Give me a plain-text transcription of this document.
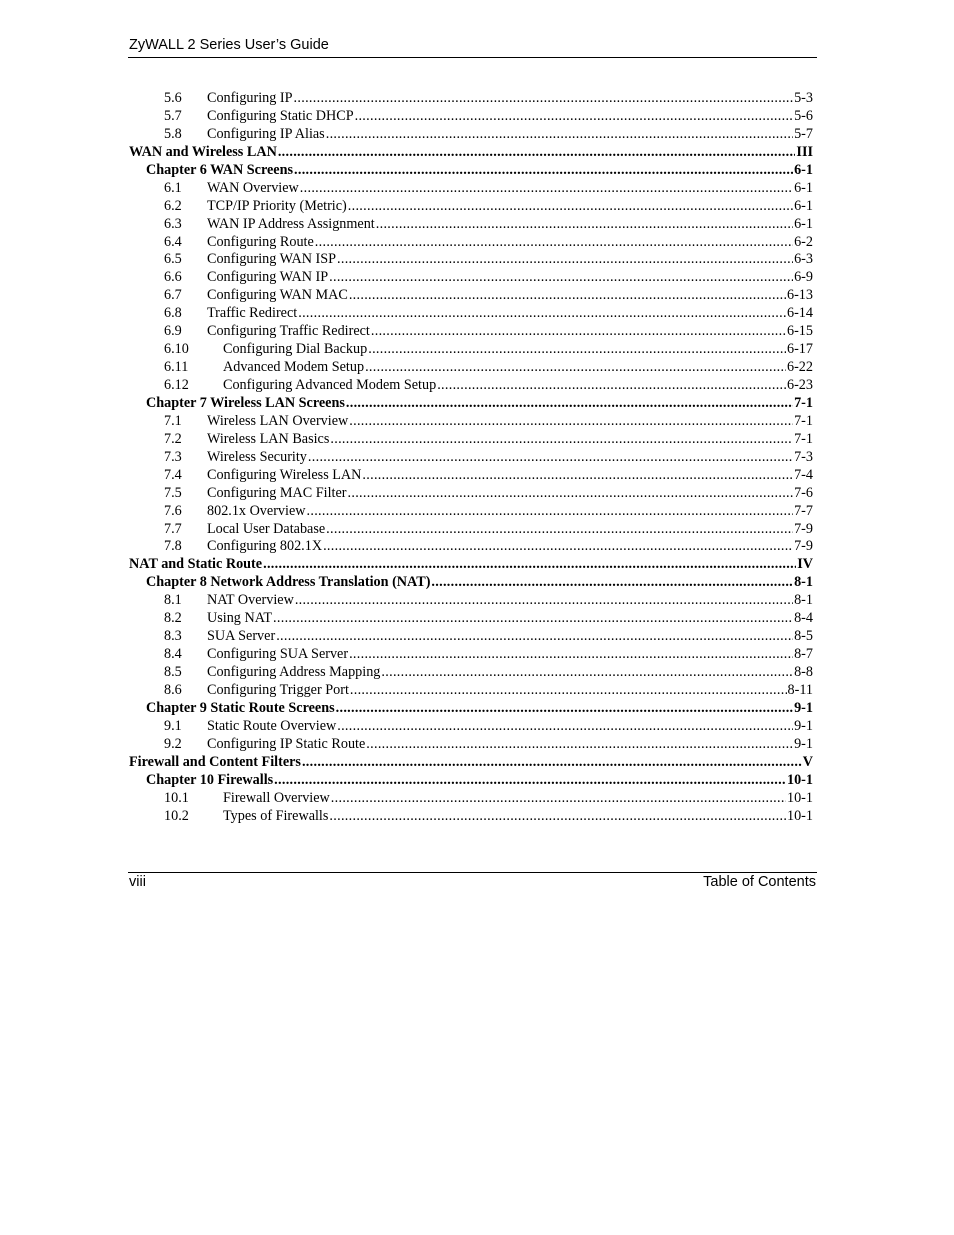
ZyWALL 2 Series User’s Guide
5.6	Configuring IP .....	5-3
5.7	Configuring Static DHCP .....	5-6
5.8	Configuring IP Alias .....	5-7
WAN and Wireless LAN .....	III
Chapter 6 WAN Screens .....	6-1
6.1	WAN Overview .....	6-1
6.2	TCP/IP Priority (Metric) .....	6-1
6.3	WAN IP Address Assignment .....	6-1
6.4	Configuring Route .....	6-2
6.5	Configuring WAN ISP .....	6-3
6.6	Configuring WAN IP .....	6-9
6.7	Configuring WAN MAC .....	6-13
6.8	Traffic Redirect .....	6-14
6.9	Configuring Traffic Redirect .....	6-15
6.10	Configuring Dial Backup .....	6-17
6.11	Advanced Modem Setup .....	6-22
6.12	Configuring Advanced Modem Setup .....	6-23
Chapter 7 Wireless LAN Screens .....	7-1
7.1	Wireless LAN Overview .....	7-1
7.2	Wireless LAN Basics .....	7-1
7.3	Wireless Security .....	7-3
7.4	Configuring Wireless LAN .....	7-4
7.5	Configuring MAC Filter .....	7-6
7.6	802.1x Overview .....	7-7
7.7	Local User Database .....	7-9
7.8	Configuring 802.1X .....	7-9
NAT and Static Route .....	IV
Chapter 8 Network Address Translation (NAT) .....	8-1
8.1	NAT Overview .....	8-1
8.2	Using NAT .....	8-4
8.3	SUA Server .....	8-5
8.4	Configuring SUA Server .....	8-7
8.5	Configuring Address Mapping .....	8-8
8.6	Configuring Trigger Port .....	8-11
Chapter 9 Static Route Screens .....	9-1
9.1	Static Route Overview .....	9-1
9.2	Configuring IP Static Route .....	9-1
Firewall and Content Filters .....	V
Chapter 10 Firewalls .....	10-1
10.1	Firewall Overview .....	10-1
10.2	Types of Firewalls .....	10-1
viii	Table of Contents
